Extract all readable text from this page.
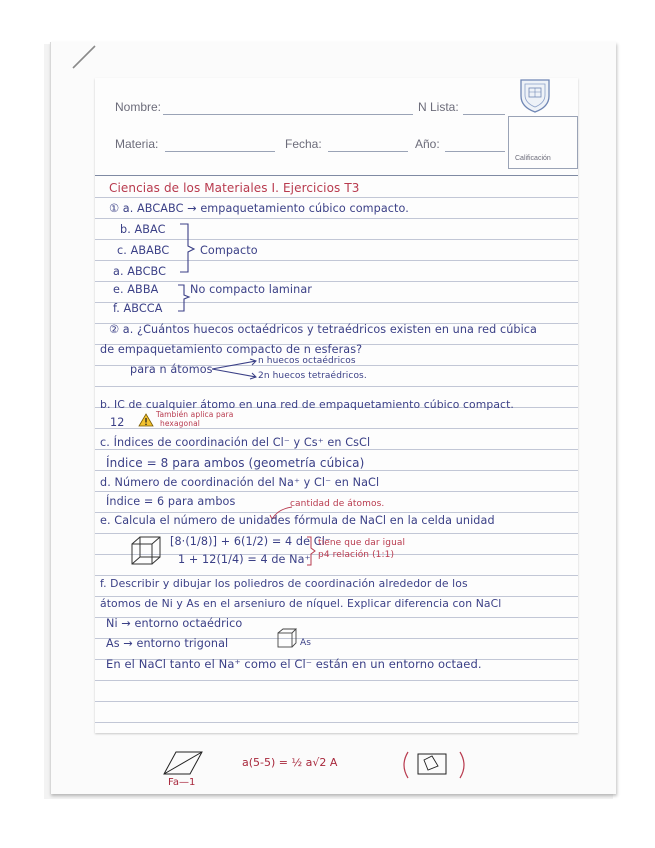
Nombre:	N Lista:
Materia:	Fecha:	Año:
Calificación
Ciencias de los Materiales I. Ejercicios T3
① a. ABCABC → empaquetamiento cúbico compacto.
b. ABAC
c. ABABC	Compacto
a. ABCBC
e. ABBA	No compacto laminar
f. ABCCA
② a. ¿Cuántos huecos octaédricos y tetraédricos existen en una red cúbica
de empaquetamiento compacto de n esferas?
para n átomos
n huecos octaédricos
2n huecos tetraédricos.
b. IC de cualquier átomo en una red de empaquetamiento cúbico compact.
12
También aplica para
hexagonal
c. Índices de coordinación del Cl⁻ y Cs⁺ en CsCl
Índice = 8 para ambos (geometría cúbica)
d. Número de coordinación del Na⁺ y Cl⁻ en NaCl
Índice = 6 para ambos	cantidad de átomos.
e. Calcula el número de unidades fórmula de NaCl en la celda unidad
[8·(1/8)] + 6(1/2) = 4 de Cl⁻
1 + 12(1/4) = 4 de Na⁺
tiene que dar igual
p4 relación (1:1)
f. Describir y dibujar los poliedros de coordinación alrededor de los
átomos de Ni y As en el arseniuro de níquel. Explicar diferencia con NaCl
Ni → entorno octaédrico
As → entorno trigonal	As
En el NaCl tanto el Na⁺ como el Cl⁻ están en un entorno octaed.
a(5-5) = ½ a√2 A
Fa—1
